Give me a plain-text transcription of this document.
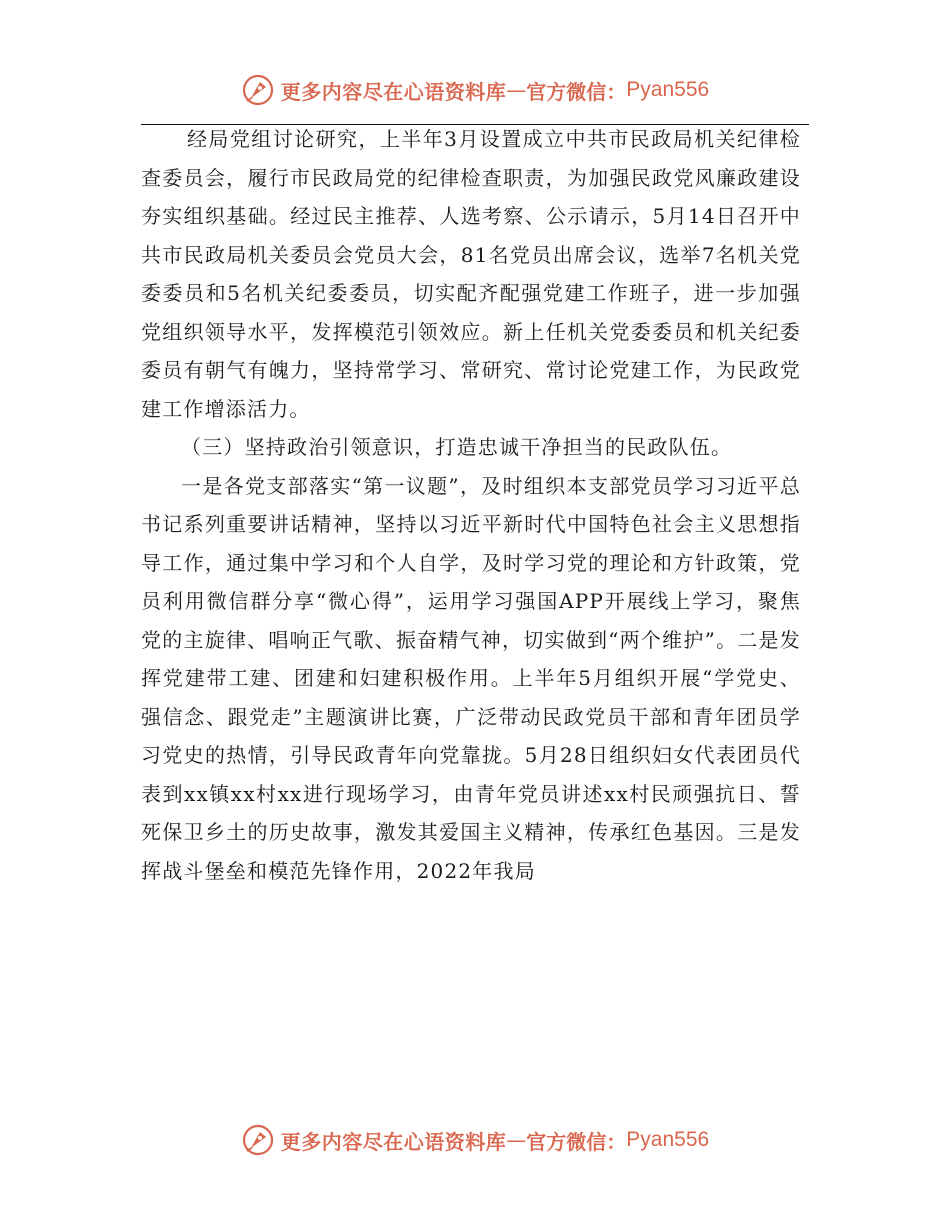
更多内容尽在心语资料库 — 官方微信： Pyan556

经局党组讨论研究，上半年3月设置成立中共市民政局机关纪律检查委员会，履行市民政局党的纪律检查职责，为加强民政党风廉政建设夯实组织基础。经过民主推荐、人选考察、公示请示，5月14日召开中共市民政局机关委员会党员大会，81名党员出席会议，选举7名机关党委委员和5名机关纪委委员，切实配齐配强党建工作班子，进一步加强党组织领导水平，发挥模范引领效应。新上任机关党委委员和机关纪委委员有朝气有魄力，坚持常学习、常研究、常讨论党建工作，为民政党建工作增添活力。

（三）坚持政治引领意识，打造忠诚干净担当的民政队伍。

一是各党支部落实“第一议题”，及时组织本支部党员学习习近平总书记系列重要讲话精神，坚持以习近平新时代中国特色社会主义思想指导工作，通过集中学习和个人自学，及时学习党的理论和方针政策，党员利用微信群分享“微心得”，运用学习强国APP开展线上学习，聚焦党的主旋律、唱响正气歌、振奋精气神，切实做到“两个维护”。二是发挥党建带工建、团建和妇建积极作用。上半年5月组织开展“学党史、强信念、跟党走”主题演讲比赛，广泛带动民政党员干部和青年团员学习党史的热情，引导民政青年向党靠拢。5月28日组织妇女代表团员代表到xx镇xx村xx进行现场学习，由青年党员讲述xx村民顽强抗日、誓死保卫乡土的历史故事，激发其爱国主义精神，传承红色基因。三是发挥战斗堡垒和模范先锋作用，2022年我局

更多内容尽在心语资料库 — 官方微信： Pyan556
